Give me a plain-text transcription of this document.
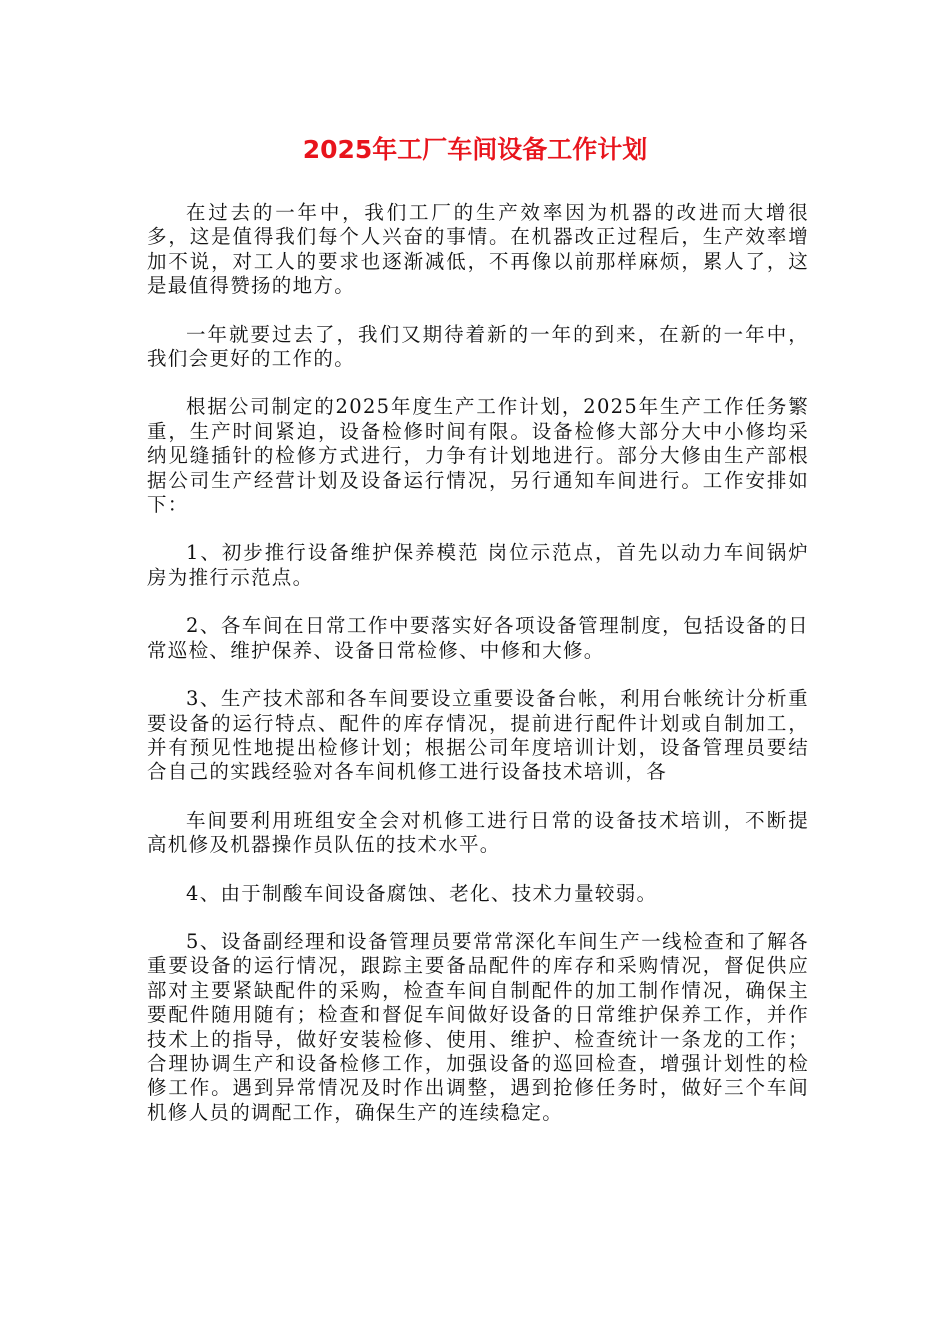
2025年工厂车间设备工作计划

在过去的一年中，我们工厂的生产效率因为机器的改进而大增很多，这是值得我们每个人兴奋的事情。在机器改正过程后，生产效率增加不说，对工人的要求也逐渐减低，不再像以前那样麻烦，累人了，这是最值得赞扬的地方。

一年就要过去了，我们又期待着新的一年的到来，在新的一年中，我们会更好的工作的。

根据公司制定的2025年度生产工作计划，2025年生产工作任务繁重，生产时间紧迫，设备检修时间有限。设备检修大部分大中小修均采纳见缝插针的检修方式进行，力争有计划地进行。部分大修由生产部根据公司生产经营计划及设备运行情况，另行通知车间进行。工作安排如下：

1、初步推行设备维护保养模范 岗位示范点，首先以动力车间锅炉房为推行示范点。

2、各车间在日常工作中要落实好各项设备管理制度，包括设备的日常巡检、维护保养、设备日常检修、中修和大修。

3、生产技术部和各车间要设立重要设备台帐，利用台帐统计分析重要设备的运行特点、配件的库存情况，提前进行配件计划或自制加工，并有预见性地提出检修计划；根据公司年度培训计划，设备管理员要结合自己的实践经验对各车间机修工进行设备技术培训，各

车间要利用班组安全会对机修工进行日常的设备技术培训，不断提高机修及机器操作员队伍的技术水平。

4、由于制酸车间设备腐蚀、老化、技术力量较弱。

5、设备副经理和设备管理员要常常深化车间生产一线检查和了解各重要设备的运行情况，跟踪主要备品配件的库存和采购情况，督促供应部对主要紧缺配件的采购，检查车间自制配件的加工制作情况，确保主要配件随用随有；检查和督促车间做好设备的日常维护保养工作，并作技术上的指导，做好安装检修、使用、维护、检查统计一条龙的工作；合理协调生产和设备检修工作，加强设备的巡回检查，增强计划性的检修工作。遇到异常情况及时作出调整，遇到抢修任务时，做好三个车间机修人员的调配工作，确保生产的连续稳定。
